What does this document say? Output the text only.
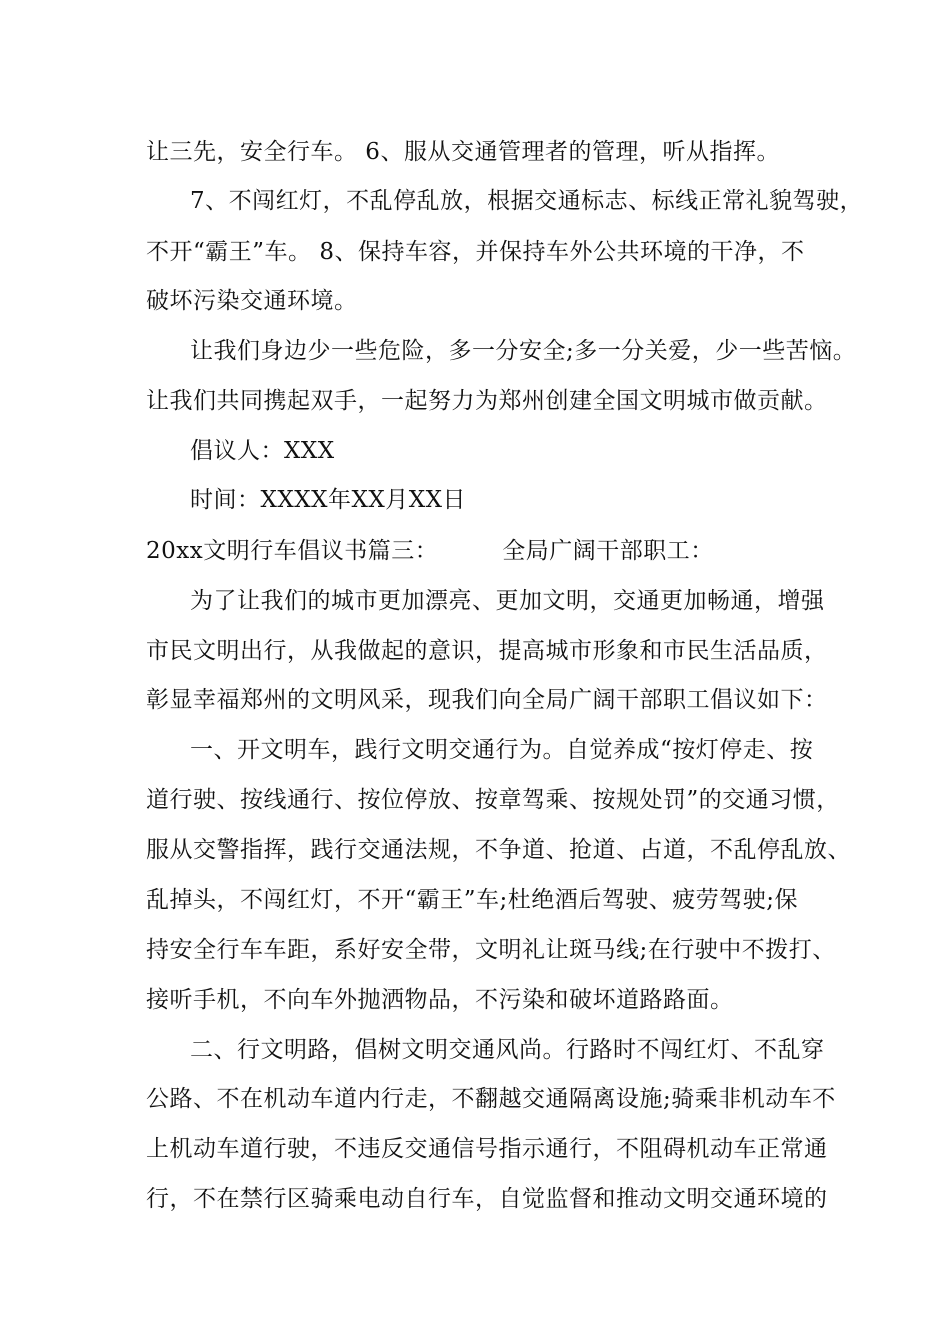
让三先，安全行车。 6、服从交通管理者的管理，听从指挥。
7、不闯红灯，不乱停乱放，根据交通标志、标线正常礼貌驾驶，
不开“霸王”车。 8、保持车容，并保持车外公共环境的干净，不
破坏污染交通环境。
让我们身边少一些危险，多一分安全;多一分关爱，少一些苦恼。
让我们共同携起双手，一起努力为郑州创建全国文明城市做贡献。
倡议人：XXX
时间：XXXX年XX月XX日
20xx文明行车倡议书篇三：	全局广阔干部职工：
为了让我们的城市更加漂亮、更加文明，交通更加畅通，增强
市民文明出行，从我做起的意识，提高城市形象和市民生活品质，
彰显幸福郑州的文明风采，现我们向全局广阔干部职工倡议如下：
一、开文明车，践行文明交通行为。自觉养成“按灯停走、按
道行驶、按线通行、按位停放、按章驾乘、按规处罚”的交通习惯，
服从交警指挥，践行交通法规，不争道、抢道、占道，不乱停乱放、
乱掉头，不闯红灯，不开“霸王”车;杜绝酒后驾驶、疲劳驾驶;保
持安全行车车距，系好安全带，文明礼让斑马线;在行驶中不拨打、
接听手机，不向车外抛洒物品，不污染和破坏道路路面。
二、行文明路，倡树文明交通风尚。行路时不闯红灯、不乱穿
公路、不在机动车道内行走，不翻越交通隔离设施;骑乘非机动车不
上机动车道行驶，不违反交通信号指示通行，不阻碍机动车正常通
行，不在禁行区骑乘电动自行车，自觉监督和推动文明交通环境的
